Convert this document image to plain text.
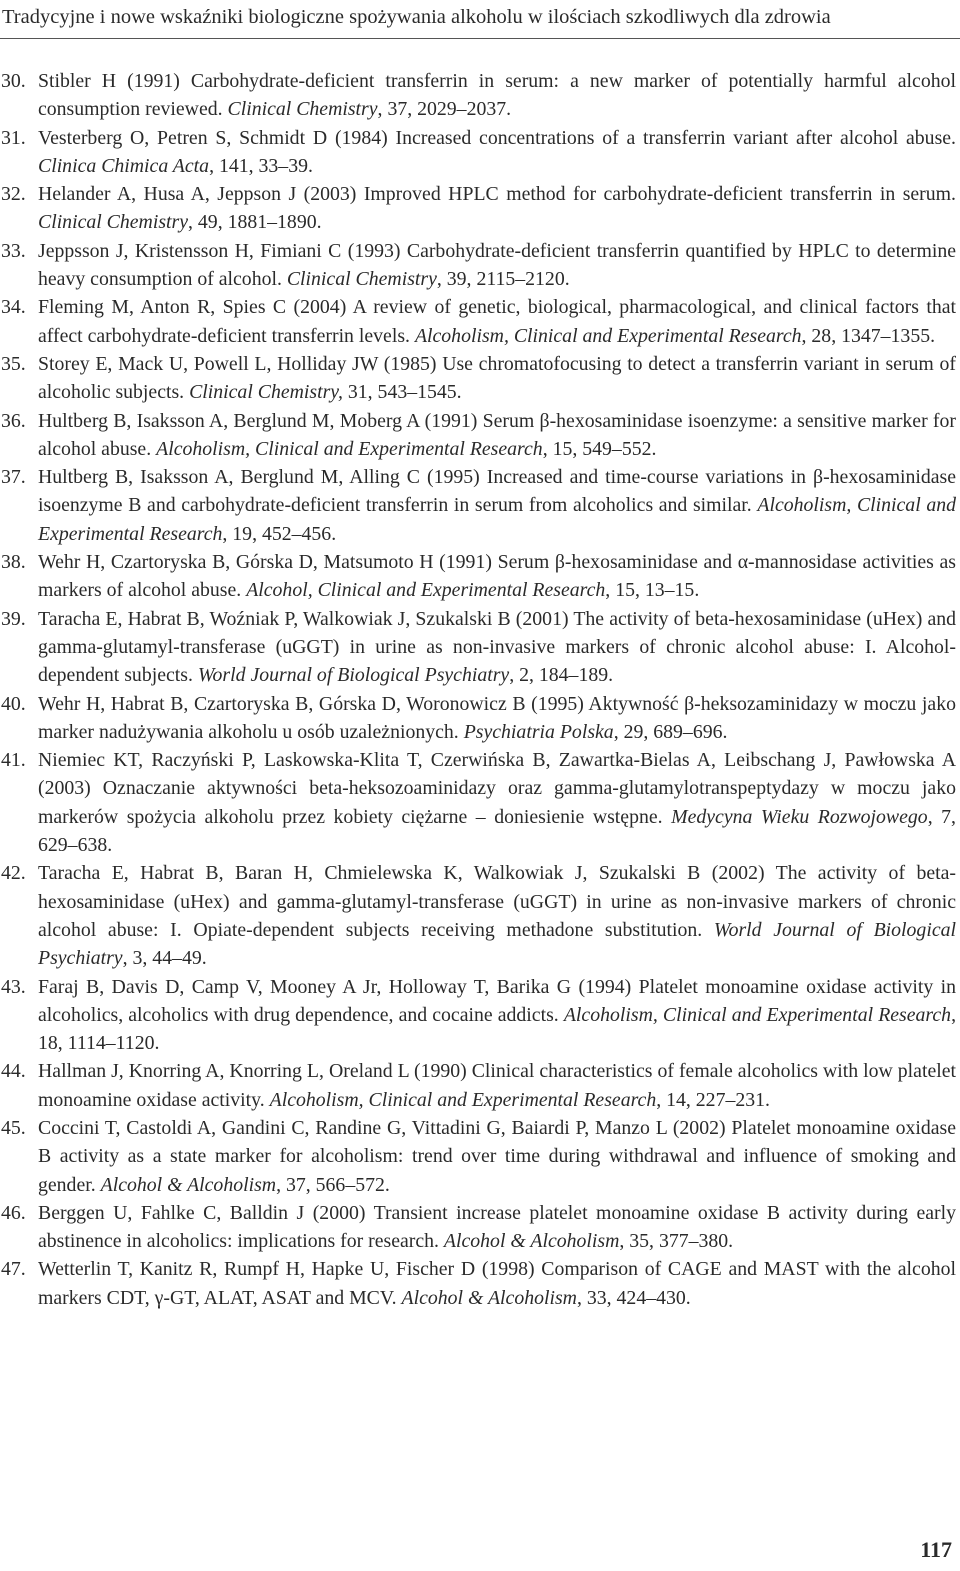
Tradycyjne i nowe wskaźniki biologiczne spożywania alkoholu w ilościach szkodliwych dla zdrowia
30. Stibler H (1991) Carbohydrate-deficient transferrin in serum: a new marker of potentially harmful alcohol consumption reviewed. Clinical Chemistry, 37, 2029–2037.
31. Vesterberg O, Petren S, Schmidt D (1984) Increased concentrations of a transferrin variant after alcohol abuse. Clinica Chimica Acta, 141, 33–39.
32. Helander A, Husa A, Jeppson J (2003) Improved HPLC method for carbohydrate-deficient transferrin in serum. Clinical Chemistry, 49, 1881–1890.
33. Jeppsson J, Kristensson H, Fimiani C (1993) Carbohydrate-deficient transferrin quantified by HPLC to determine heavy consumption of alcohol. Clinical Chemistry, 39, 2115–2120.
34. Fleming M, Anton R, Spies C (2004) A review of genetic, biological, pharmacological, and clinical factors that affect carbohydrate-deficient transferrin levels. Alcoholism, Clinical and Experimental Research, 28, 1347–1355.
35. Storey E, Mack U, Powell L, Holliday JW (1985) Use chromatofocusing to detect a transferrin variant in serum of alcoholic subjects. Clinical Chemistry, 31, 543–1545.
36. Hultberg B, Isaksson A, Berglund M, Moberg A (1991) Serum β-hexosaminidase isoenzyme: a sensitive marker for alcohol abuse. Alcoholism, Clinical and Experimental Research, 15, 549–552.
37. Hultberg B, Isaksson A, Berglund M, Alling C (1995) Increased and time-course variations in β-hexosaminidase isoenzyme B and carbohydrate-deficient transferrin in serum from alcoholics and similar. Alcoholism, Clinical and Experimental Research, 19, 452–456.
38. Wehr H, Czartoryska B, Górska D, Matsumoto H (1991) Serum β-hexosaminidase and α-mannosidase activities as markers of alcohol abuse. Alcohol, Clinical and Experimental Research, 15, 13–15.
39. Taracha E, Habrat B, Woźniak P, Walkowiak J, Szukalski B (2001) The activity of beta-hexosaminidase (uHex) and gamma-glutamyl-transferase (uGGT) in urine as non-invasive markers of chronic alcohol abuse: I. Alcohol-dependent subjects. World Journal of Biological Psychiatry, 2, 184–189.
40. Wehr H, Habrat B, Czartoryska B, Górska D, Woronowicz B (1995) Aktywność β-heksozaminidazy w moczu jako marker nadużywania alkoholu u osób uzależnionych. Psychiatria Polska, 29, 689–696.
41. Niemiec KT, Raczyński P, Laskowska-Klita T, Czerwińska B, Zawartka-Bielas A, Leibschang J, Pawłowska A (2003) Oznaczanie aktywności beta-heksozoaminidazy oraz gamma-glutamylotranspeptydazy w moczu jako markerów spożycia alkoholu przez kobiety ciężarne – doniesienie wstępne. Medycyna Wieku Rozwojowego, 7, 629–638.
42. Taracha E, Habrat B, Baran H, Chmielewska K, Walkowiak J, Szukalski B (2002) The activity of beta-hexosaminidase (uHex) and gamma-glutamyl-transferase (uGGT) in urine as non-invasive markers of chronic alcohol abuse: I. Opiate-dependent subjects receiving methadone substitution. World Journal of Biological Psychiatry, 3, 44–49.
43. Faraj B, Davis D, Camp V, Mooney A Jr, Holloway T, Barika G (1994) Platelet monoamine oxidase activity in alcoholics, alcoholics with drug dependence, and cocaine addicts. Alcoholism, Clinical and Experimental Research, 18, 1114–1120.
44. Hallman J, Knorring A, Knorring L, Oreland L (1990) Clinical characteristics of female alcoholics with low platelet monoamine oxidase activity. Alcoholism, Clinical and Experimental Research, 14, 227–231.
45. Coccini T, Castoldi A, Gandini C, Randine G, Vittadini G, Baiardi P, Manzo L (2002) Platelet monoamine oxidase B activity as a state marker for alcoholism: trend over time during withdrawal and influence of smoking and gender. Alcohol & Alcoholism, 37, 566–572.
46. Berggen U, Fahlke C, Balldin J (2000) Transient increase platelet monoamine oxidase B activity during early abstinence in alcoholics: implications for research. Alcohol & Alcoholism, 35, 377–380.
47. Wetterlin T, Kanitz R, Rumpf H, Hapke U, Fischer D (1998) Comparison of CAGE and MAST with the alcohol markers CDT, γ-GT, ALAT, ASAT and MCV. Alcohol & Alcoholism, 33, 424–430.
117
